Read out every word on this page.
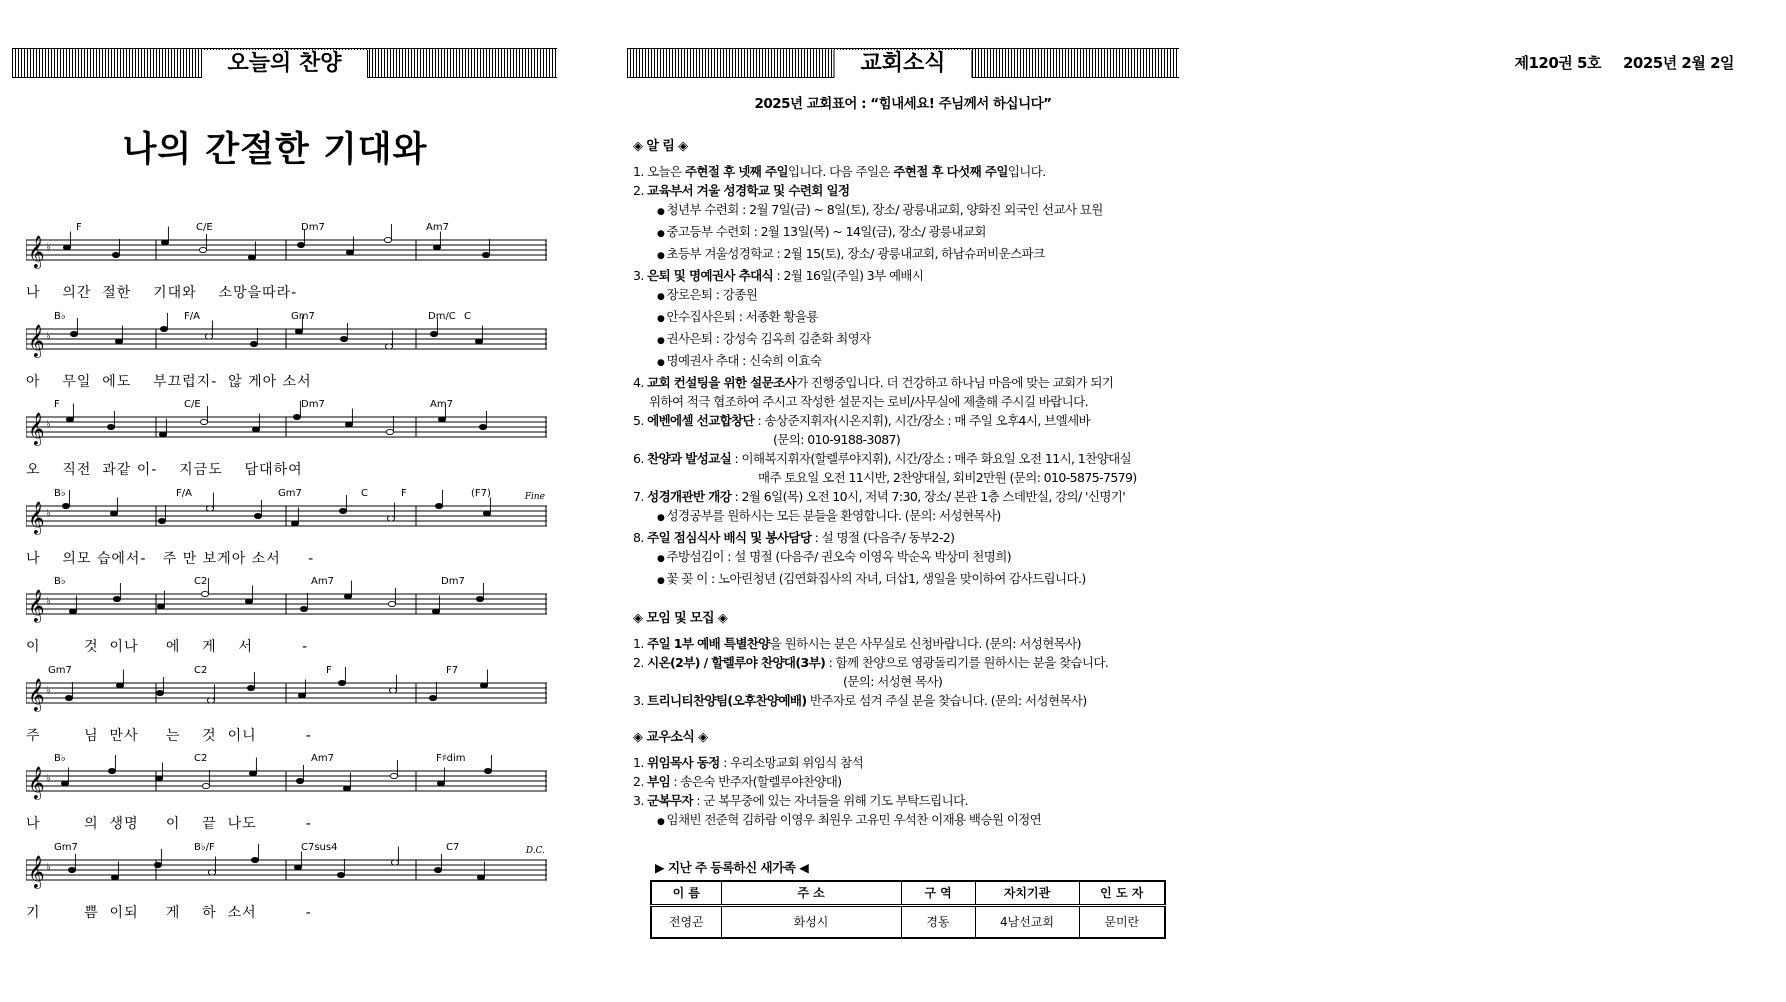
오늘의 찬양	교회소식	제120권 5호 2025년 2월 2일
나의 간절한 기대와
F	C/E	Dm7	Am7
𝄞 ♭
나    의간  절한    기대와    소망을따라-
B♭	F/A	Gm7	Dm/C C
𝄞 ♭
아    무일  에도    부끄럽지-  않 게아 소서
F	C/E	Dm7	Am7
𝄞 ♭
오    직전  과같 이-    지금도    담대하여
B♭	F/A	Gm7	C	F	(F7)	Fine
𝄞 ♭
나    의모 습에서-   주 만 보게아 소서     -
B♭	C2	Am7	Dm7
𝄞 ♭
이        것  이나     에    게    서         -
Gm7	C2	F	F7
𝄞 ♭
주        님  만사     는    것  이니         -
B♭	C2	Am7	F♯dim
𝄞 ♭
나        의  생명     이    끝  나도         -
Gm7	B♭/F	C7sus4	C7	D.C.
𝄞 ♭
기        쁨  이되     게    하  소서         -
2025년 교회표어 : “힘내세요! 주님께서 하십니다”
◈ 알 림 ◈
1. 오늘은 주현절 후 넷째 주일입니다. 다음 주일은 주현절 후 다섯째 주일입니다.
2. 교육부서 겨울 성경학교 및 수련회 일정
● 청년부 수련회 : 2월 7일(금) ~ 8일(토), 장소/ 광릉내교회, 양화진 외국인 선교사 묘원
● 중고등부 수련회 : 2월 13일(목) ~ 14일(금), 장소/ 광릉내교회
● 초등부 겨울성경학교 : 2월 15(토), 장소/ 광릉내교회, 하남슈퍼비운스파크
3. 은퇴 및 명예권사 추대식 : 2월 16일(주일) 3부 예배시
● 장로은퇴 : 강종원
● 안수집사은퇴 : 서종환 황을룡
● 권사은퇴 : 강성숙 김옥희 김춘화 최영자
● 명예권사 추대 : 신숙희 이효숙
4. 교회 컨설팅을 위한 설문조사가 진행중입니다. 더 건강하고 하나님 마음에 맞는 교회가 되기
위하여 적극 협조하여 주시고 작성한 설문지는 로비/사무실에 제출해 주시길 바랍니다.
5. 에벤에셀 선교합창단 : 송상준지휘자(시온지휘), 시간/장소 : 매 주일 오후4시, 브엘세바
(문의: 010-9188-3087)
6. 찬양과 발성교실 : 이해복지휘자(할렐루야지휘), 시간/장소 : 매주 화요일 오전 11시, 1찬양대실
매주 토요일 오전 11시반, 2찬양대실, 회비2만원 (문의: 010-5875-7579)
7. 성경개관반 개강 : 2월 6일(목) 오전 10시, 저녁 7:30, 장소/ 본관 1층 스데반실, 강의/ '신명기'
● 성경공부를 원하시는 모든 분들을 환영합니다. (문의: 서성현목사)
8. 주일 점심식사 배식 및 봉사담당 : 설 명절 (다음주/ 동부2-2)
● 주방섬김이 : 설 명절 (다음주/ 권오숙 이영옥 박순옥 박상미 천명희)
● 꽃 꽂 이 : 노아린청년 (김연화집사의 자녀, 더삽1, 생일을 맞이하여 감사드립니다.)
◈ 모임 및 모집 ◈
1. 주일 1부 예배 특별찬양을 원하시는 분은 사무실로 신청바랍니다. (문의: 서성현목사)
2. 시온(2부) / 할렐루야 찬양대(3부) : 함께 찬양으로 영광돌리기를 원하시는 분을 찾습니다.
(문의: 서성현 목사)
3. 트리니티찬양팀(오후찬양예배) 반주자로 섬겨 주실 분을 찾습니다. (문의: 서성현목사)
◈ 교우소식 ◈
1. 위임목사 동정 : 우리소망교회 위임식 참석
2. 부임 : 송은숙 반주자(할렐루야찬양대)
3. 군복무자 : 군 복무중에 있는 자녀들을 위해 기도 부탁드립니다.
● 임채빈 전준혁 김하람 이영우 최원우 고유민 우석찬 이재용 백승원 이정연
▶ 지난 주 등록하신 새가족 ◀
이 름	주 소	구 역	자치기관	인 도 자
전영곤	화성시	경동	4남선교회	문미란
